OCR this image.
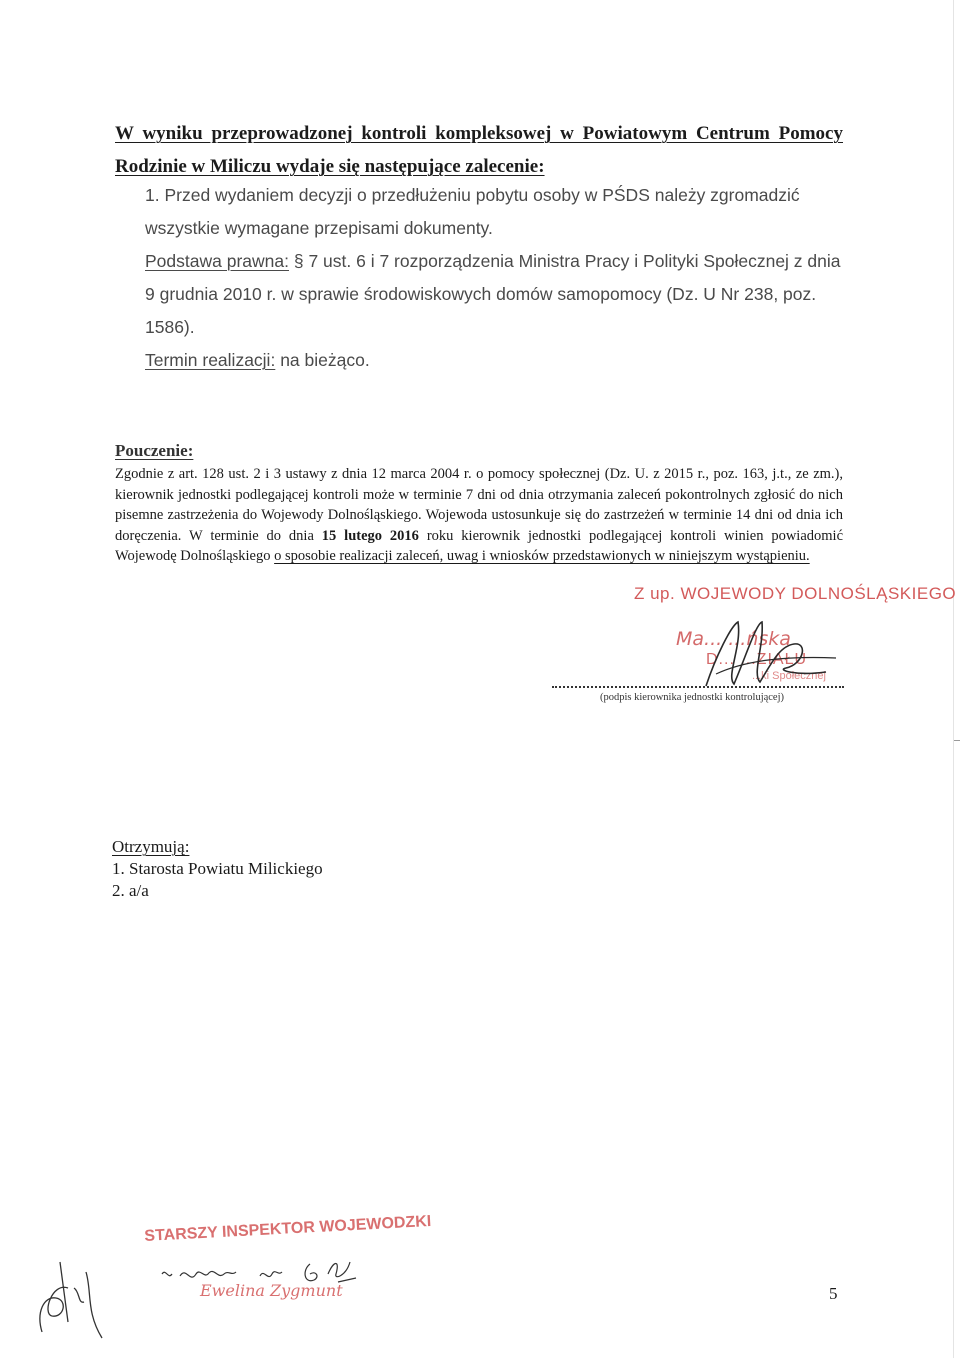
W wyniku przeprowadzonej kontroli kompleksowej w Powiatowym Centrum Pomocy Rodzinie w Miliczu wydaje się następujące zalecenie:
1. Przed wydaniem decyzji o przedłużeniu pobytu osoby w PŚDS należy zgromadzić wszystkie wymagane przepisami dokumenty.
Podstawa prawna: § 7 ust. 6 i 7 rozporządzenia Ministra Pracy i Polityki Społecznej z dnia 9 grudnia 2010 r. w sprawie środowiskowych domów samopomocy (Dz. U Nr 238, poz. 1586).
Termin realizacji: na bieżąco.
Pouczenie:
Zgodnie z art. 128 ust. 2 i 3 ustawy z dnia 12 marca 2004 r. o pomocy społecznej (Dz. U. z 2015 r., poz. 163, j.t., ze zm.), kierownik jednostki podlegającej kontroli może w terminie 7 dni od dnia otrzymania zaleceń pokontrolnych zgłosić do nich pisemne zastrzeżenia do Wojewody Dolnośląskiego. Wojewoda ustosunkuje się do zastrzeżeń w terminie 14 dni od dnia ich doręczenia. W terminie do dnia 15 lutego 2016 roku kierownik jednostki podlegającej kontroli winien powiadomić Wojewodę Dolnośląskiego o sposobie realizacji zaleceń, uwag i wniosków przedstawionych w niniejszym wystąpieniu.
Z up. WOJEWODY DOLNOŚLĄSKIEGO
Ma... ...ńska
D... ...ZIAŁU
...ki Społecznej
(podpis kierownika jednostki kontrolującej)
Otrzymują:
1. Starosta Powiatu Milickiego
2. a/a
STARSZY INSPEKTOR WOJEWODZKI
Ewelina Zygmunt	5
